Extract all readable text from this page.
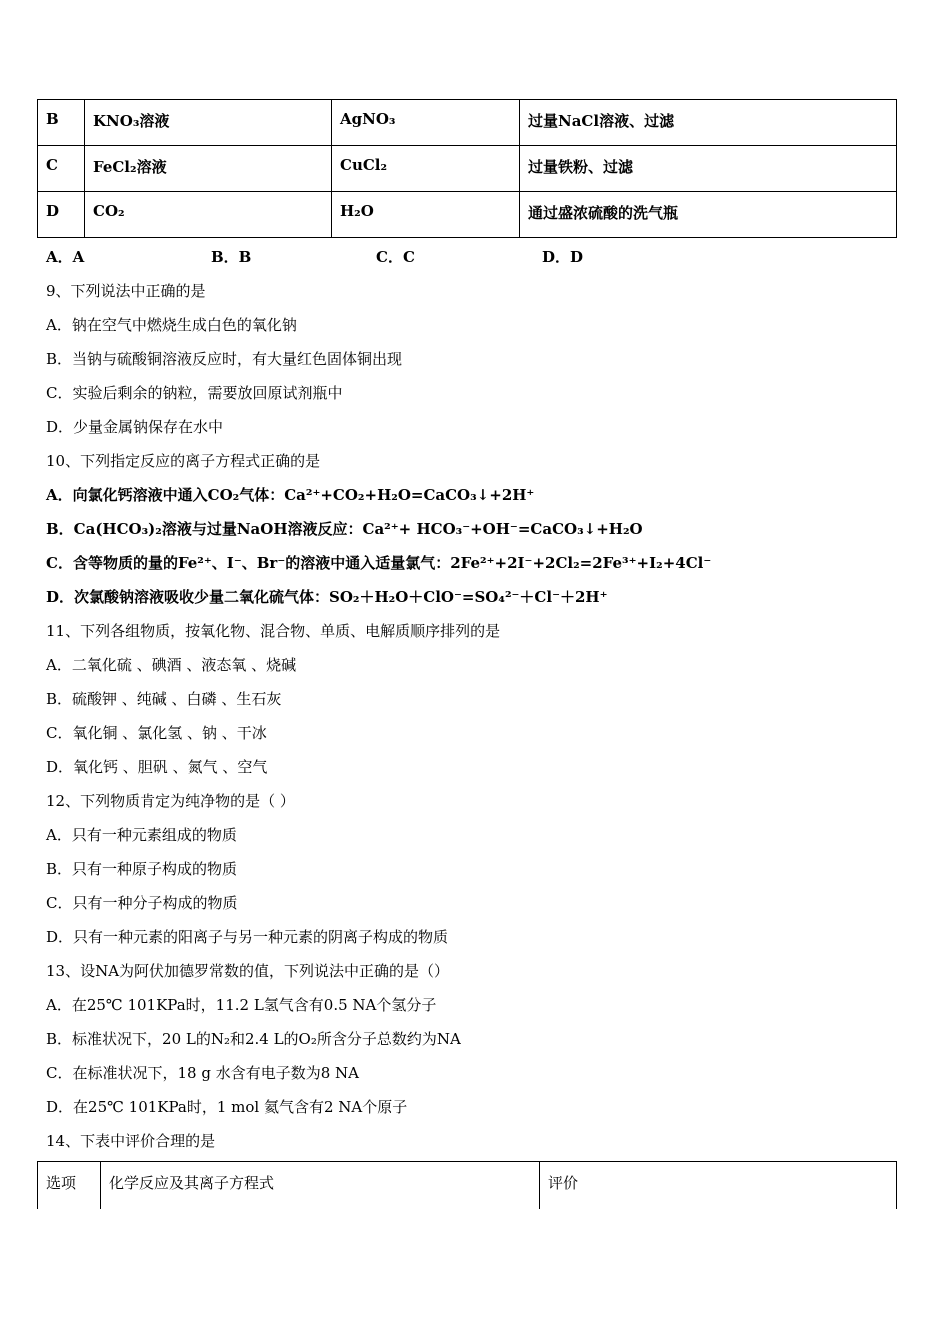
B	KNO₃溶液	AgNO₃	过量NaCl溶液、过滤
C	FeCl₂溶液	CuCl₂	过量铁粉、过滤
D	CO₂	H₂O	通过盛浓硫酸的洗气瓶
A．A	B．B	C．C	D．D
9、下列说法中正确的是
A．钠在空气中燃烧生成白色的氧化钠
B．当钠与硫酸铜溶液反应时，有大量红色固体铜出现
C．实验后剩余的钠粒，需要放回原试剂瓶中
D．少量金属钠保存在水中
10、下列指定反应的离子方程式正确的是
A．向氯化钙溶液中通入CO₂气体：Ca²⁺+CO₂+H₂O=CaCO₃↓+2H⁺
B．Ca(HCO₃)₂溶液与过量NaOH溶液反应：Ca²⁺+ HCO₃⁻+OH⁻=CaCO₃↓+H₂O
C．含等物质的量的Fe²⁺、I⁻、Br⁻的溶液中通入适量氯气：2Fe²⁺+2I⁻+2Cl₂=2Fe³⁺+I₂+4Cl⁻
D．次氯酸钠溶液吸收少量二氧化硫气体：SO₂＋H₂O＋ClO⁻=SO₄²⁻＋Cl⁻＋2H⁺
11、下列各组物质，按氧化物、混合物、单质、电解质顺序排列的是
A．二氧化硫 、碘酒 、液态氧 、烧碱
B．硫酸钾 、纯碱 、白磷 、生石灰
C．氧化铜 、氯化氢 、钠 、干冰
D．氧化钙 、胆矾 、氮气 、空气
12、下列物质肯定为纯净物的是（ ）
A．只有一种元素组成的物质
B．只有一种原子构成的物质
C．只有一种分子构成的物质
D．只有一种元素的阳离子与另一种元素的阴离子构成的物质
13、设NA为阿伏加德罗常数的值，下列说法中正确的是（）
A．在25℃ 101KPa时，11.2 L氢气含有0.5 NA个氢分子
B．标准状况下，20 L的N₂和2.4 L的O₂所含分子总数约为NA
C．在标准状况下，18 g 水含有电子数为8 NA
D．在25℃ 101KPa时，1 mol 氦气含有2 NA个原子
14、下表中评价合理的是
选项	化学反应及其离子方程式	评价
